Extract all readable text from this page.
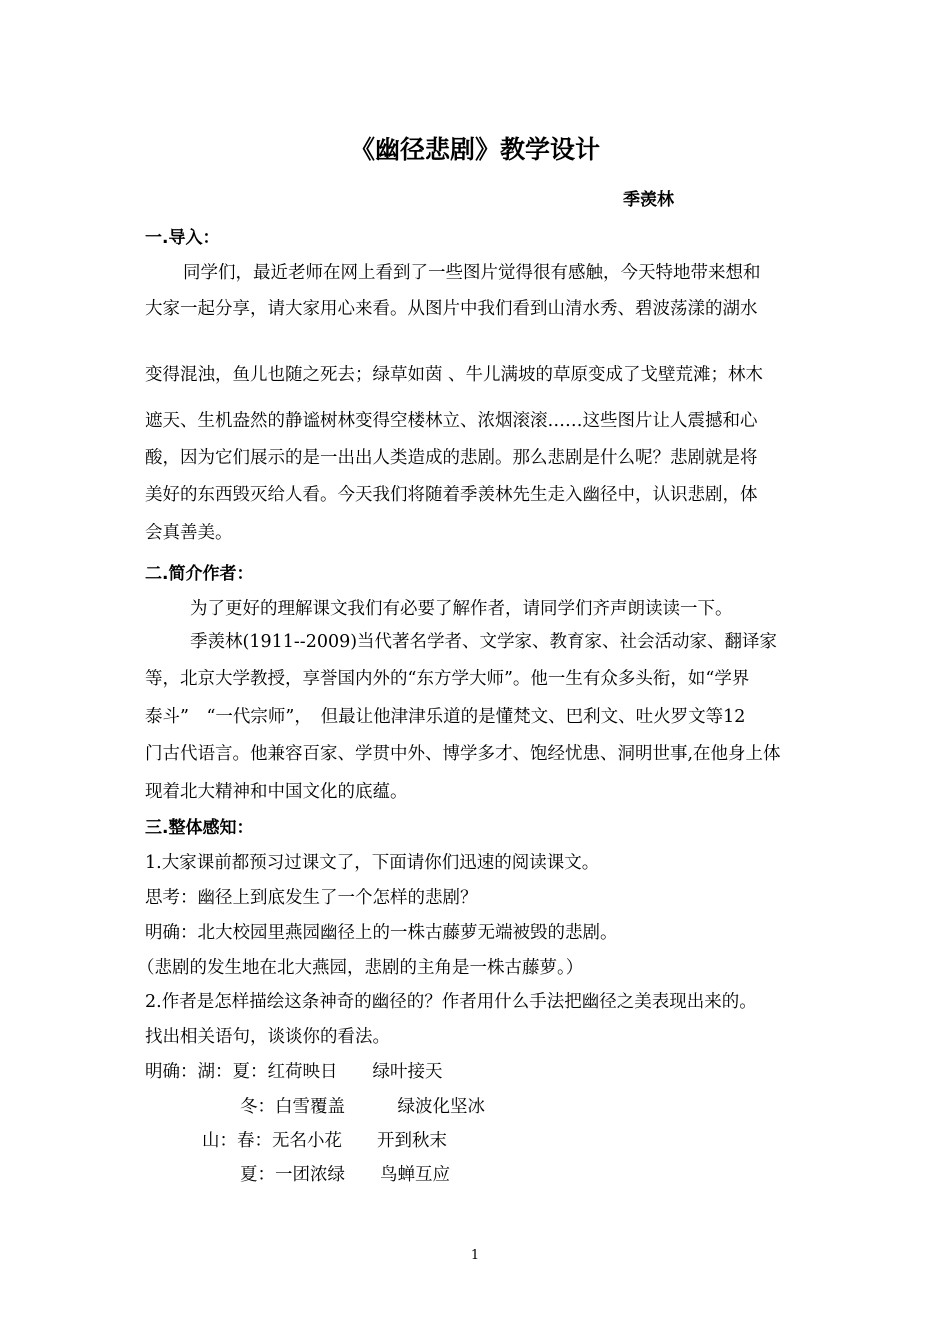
《幽径悲剧》教学设计
季羡林
一.导入：
同学们，最近老师在网上看到了一些图片觉得很有感触，今天特地带来想和
大家一起分享，请大家用心来看。从图片中我们看到山清水秀、碧波荡漾的湖水
变得混浊，鱼儿也随之死去；绿草如茵 、牛儿满坡的草原变成了戈壁荒滩；林木
遮天、生机盎然的静谧树林变得空楼林立、浓烟滚滚……这些图片让人震撼和心
酸，因为它们展示的是一出出人类造成的悲剧。那么悲剧是什么呢？悲剧就是将
美好的东西毁灭给人看。今天我们将随着季羡林先生走入幽径中，认识悲剧，体
会真善美。
二.简介作者：
为了更好的理解课文我们有必要了解作者，请同学们齐声朗读读一下。
季羡林(1911--2009)当代著名学者、文学家、教育家、社会活动家、翻译家
等，北京大学教授，享誉国内外的“东方学大师”。他一生有众多头衔，如“学界
泰斗”　“一代宗师”，　但最让他津津乐道的是懂梵文、巴利文、吐火罗文等12
门古代语言。他兼容百家、学贯中外、博学多才、饱经忧患、洞明世事,在他身上体
现着北大精神和中国文化的底蕴。
三.整体感知：
1.大家课前都预习过课文了，下面请你们迅速的阅读课文。
思考：幽径上到底发生了一个怎样的悲剧？
明确：北大校园里燕园幽径上的一株古藤萝无端被毁的悲剧。
（悲剧的发生地在北大燕园，悲剧的主角是一株古藤萝。）
2.作者是怎样描绘这条神奇的幽径的？作者用什么手法把幽径之美表现出来的。
找出相关语句，谈谈你的看法。
明确：湖：夏：红荷映日　　绿叶接天
冬：白雪覆盖　　　绿波化坚冰
山：春：无名小花　　开到秋末
夏：一团浓绿　　鸟蝉互应
1
